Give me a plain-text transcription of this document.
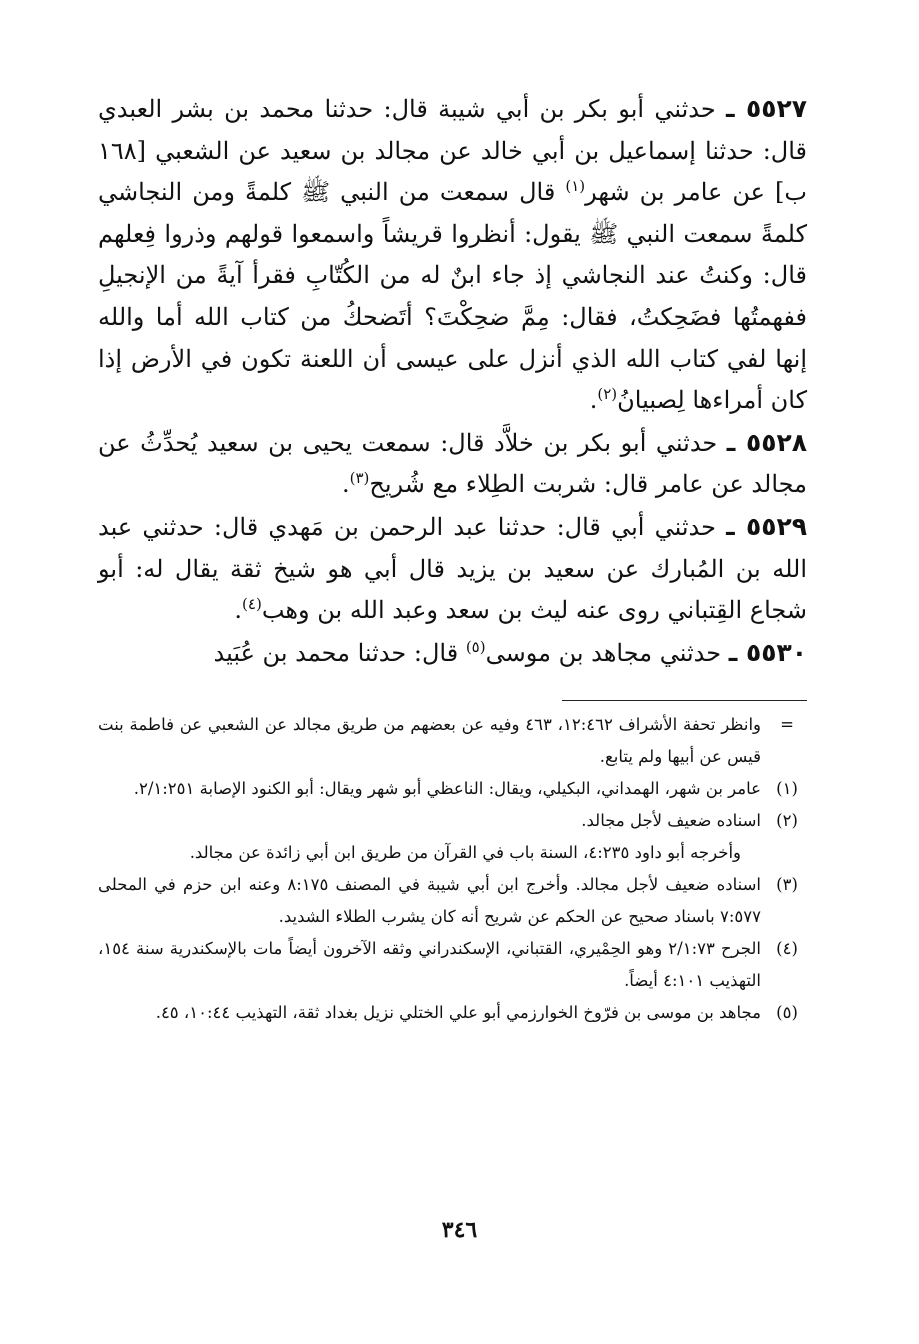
٥٥٢٧ ـ حدثني أبو بكر بن أبي شيبة قال: حدثنا محمد بن بشر العبدي قال: حدثنا إسماعيل بن أبي خالد عن مجالد بن سعيد عن الشعبي [١٦٨ ب] عن عامر بن شهر$^{(١)}$ قال سمعت من النبي ﷺ كلمةً ومن النجاشي كلمةً سمعت النبي ﷺ يقول: أنظروا قريشاً واسمعوا قولهم وذروا فِعلهم قال: وكنتُ عند النجاشي إذ جاء ابنٌ له من الكُتّابِ فقرأ آيةً من الإنجيلِ ففهمتُها فضَحِكتُ، فقال: مِمَّ ضحِكْتَ؟ أتَضحكُ من كتاب الله أما والله إنها لفي كتاب الله الذي أنزل على عيسى أن اللعنة تكون في الأرض إذا كان أمراءها لِصبيانُ$^{(٢)}$.

٥٥٢٨ ـ حدثني أبو بكر بن خلاَّد قال: سمعت يحيى بن سعيد يُحدِّثُ عن مجالد عن عامر قال: شربت الطِلاء مع شُريح$^{(٣)}$.

٥٥٢٩ ـ حدثني أبي قال: حدثنا عبد الرحمن بن مَهدي قال: حدثني عبد الله بن المُبارك عن سعيد بن يزيد قال أبي هو شيخ ثقة يقال له: أبو شجاع القِتباني روى عنه ليث بن سعد وعبد الله بن وهب$^{(٤)}$.

٥٥٣٠ ـ حدثني مجاهد بن موسى$^{(٥)}$ قال: حدثنا محمد بن عُبَيد

=
وانظر تحفة الأشراف ١٢:٤٦٢، ٤٦٣ وفيه عن بعضهم من طريق مجالد عن الشعبي عن فاطمة بنت قيس عن أبيها ولم يتابع.

(١)
عامر بن شهر، الهمداني، البكيلي، ويقال: الناعظي أبو شهر ويقال: أبو الكنود الإصابة ٢/١:٢٥١.

(٢)
اسناده ضعيف لأجل مجالد.

وأخرجه أبو داود ٤:٢٣٥، السنة باب في القرآن من طريق ابن أبي زائدة عن مجالد.

(٣)
اسناده ضعيف لأجل مجالد. وأخرج ابن أبي شيبة في المصنف ٨:١٧٥ وعنه ابن حزم في المحلى ٧:٥٧٧ باسناد صحيح عن الحكم عن شريح أنه كان يشرب الطلاء الشديد.

(٤)
الجرح ٢/١:٧٣ وهو الحِمْيري، القتباني، الإسكندراني وثقه الآخرون أيضاً مات بالإسكندرية سنة ١٥٤، التهذيب ٤:١٠١ أيضاً.

(٥)
مجاهد بن موسى بن فرّوخ الخوارزمي أبو علي الختلي نزيل بغداد ثقة، التهذيب ١٠:٤٤، ٤٥.

٣٤٦
